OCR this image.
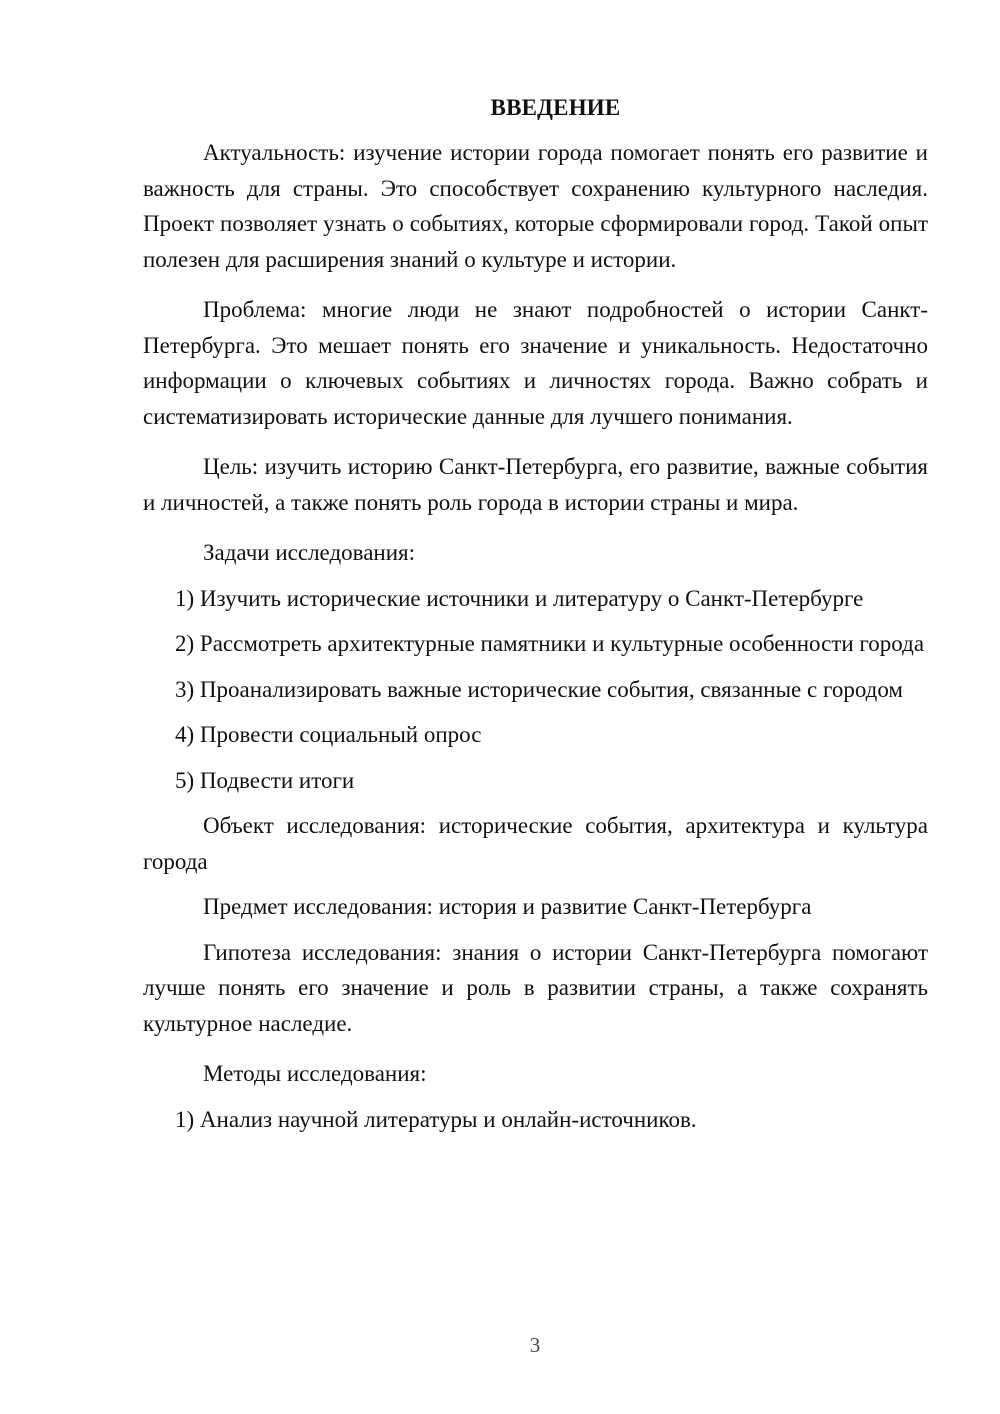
ВВЕДЕНИЕ

Актуальность: изучение истории города помогает понять его развитие и важность для страны. Это способствует сохранению культурного наследия. Проект позволяет узнать о событиях, которые сформировали город. Такой опыт полезен для расширения знаний о культуре и истории.

Проблема: многие люди не знают подробностей о истории Санкт-Петербурга. Это мешает понять его значение и уникальность. Недостаточно информации о ключевых событиях и личностях города. Важно собрать и систематизировать исторические данные для лучшего понимания.

Цель: изучить историю Санкт-Петербурга, его развитие, важные события и личностей, а также понять роль города в истории страны и мира.

Задачи исследования:

1) Изучить исторические источники и литературу о Санкт-Петербурге

2) Рассмотреть архитектурные памятники и культурные особенности города

3) Проанализировать важные исторические события, связанные с городом

4) Провести социальный опрос

5) Подвести итоги

Объект исследования: исторические события, архитектура и культура города

Предмет исследования: история и развитие Санкт-Петербурга

Гипотеза исследования: знания о истории Санкт-Петербурга помогают лучше понять его значение и роль в развитии страны, а также сохранять культурное наследие.

Методы исследования:

1) Анализ научной литературы и онлайн-источников.

3
